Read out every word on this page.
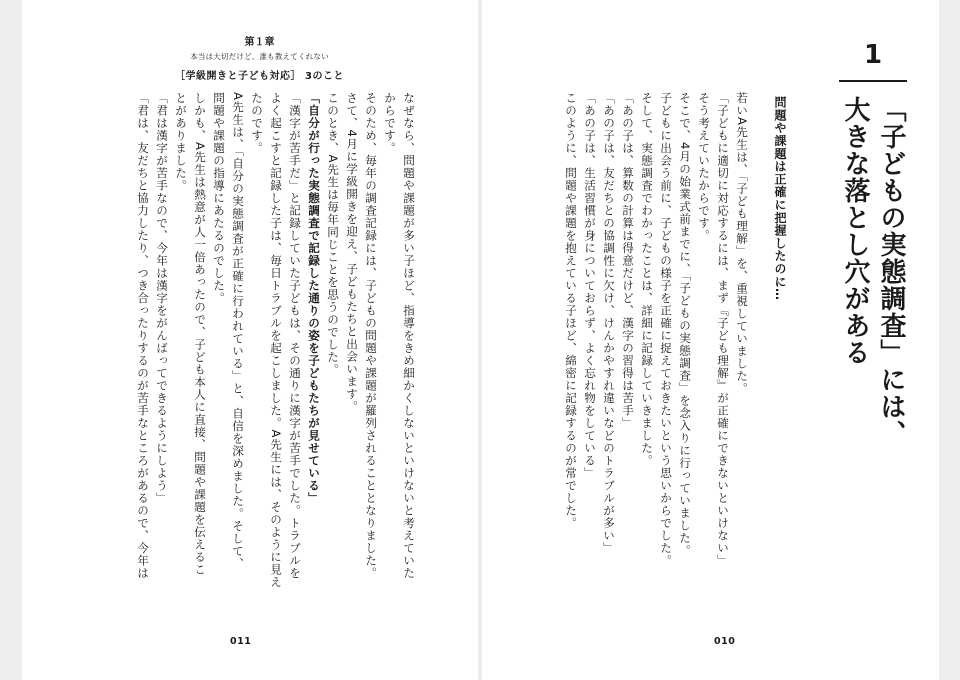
第１章
本当は大切だけど、誰も教えてくれない
［学級開きと子ども対応］ 3のこと

なぜなら、問題や課題が多い子ほど、指導をきめ細かくしないといけないと考えていた

からです。

そのため、毎年の調査記録には、子どもの問題や課題が羅列されることとなりました。

さて、4月に学級開きを迎え、子どもたちと出会います。

このとき、A先生は毎年同じことを思うのでした。

「自分が行った実態調査で記録した通りの姿を子どもたちが見せている」

「漢字が苦手だ」と記録していた子どもは、その通りに漢字が苦手でした。トラブルを

よく起こすと記録した子は、毎日トラブルを起こしました。A先生には、そのように見え

たのです。

A先生は、「自分の実態調査が正確に行われている」と、自信を深めました。そして、

問題や課題の指導にあたるのでした。

しかも、A先生は熱意が人一倍あったので、子ども本人に直接、問題や課題を伝えるこ

とがありました。

「君は漢字が苦手なので、今年は漢字をがんばってできるようにしよう」

「君は、友だちと協力したり、つき合ったりするのが苦手なところがあるので、今年は

011
1
「子どもの実態調査」には、
大きな落とし穴がある
問題や課題は正確に把握したのに…

若いA先生は、「子ども理解」を、重視していました。

「子どもに適切に対応するには、まず『子ども理解』が正確にできないといけない」

そう考えていたからです。

そこで、4月の始業式前までに、「子どもの実態調査」を念入りに行っていました。

子どもに出会う前に、子どもの様子を正確に捉えておきたいという思いからでした。

そして、実態調査でわかったことは、詳細に記録していきました。

「あの子は、算数の計算は得意だけど、漢字の習得は苦手」

「あの子は、友だちとの協調性に欠け、けんかやすれ違いなどのトラブルが多い」

「あの子は、生活習慣が身についておらず、よく忘れ物をしている」

このように、問題や課題を抱えている子ほど、綿密に記録するのが常でした。

010
